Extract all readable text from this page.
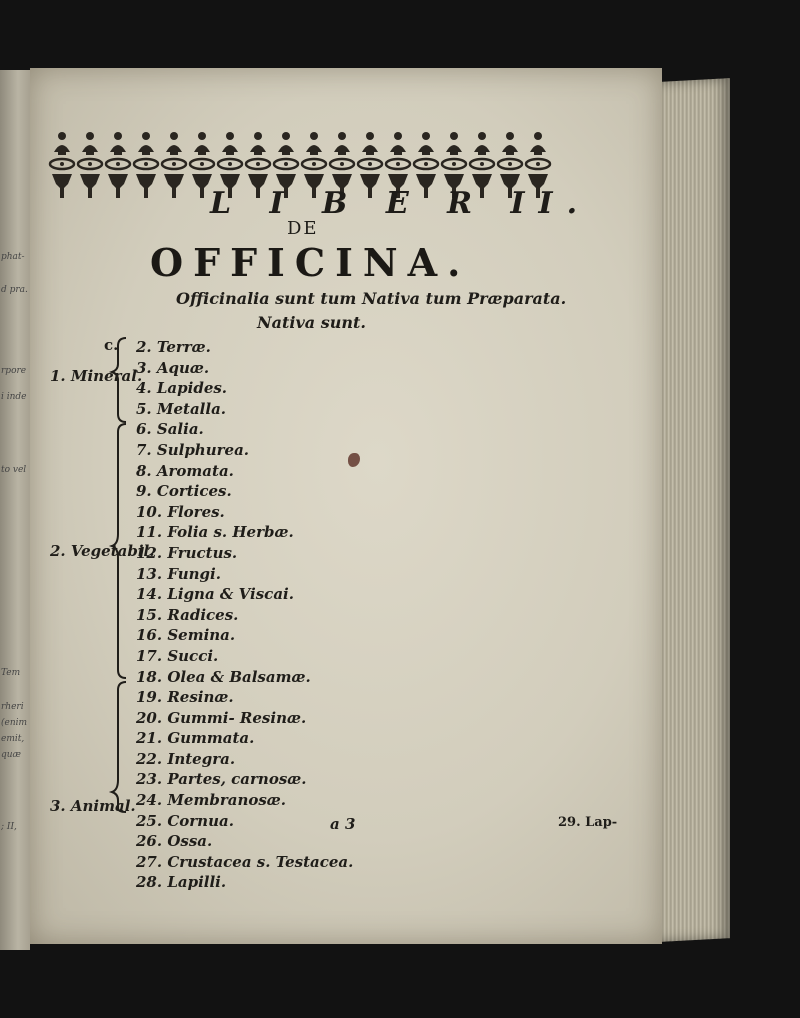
phat-
d pra.
rpore
i inde
to vel
Tem
rheri
(enim
emit,
quæ
; II,
L I B E R II.
DE
OFFICINA.
Officinalia sunt tum Nativa tum Præparata.
Nativa sunt.
c.
1. Mineral.
2. Vegetabil.
3. Animal.
2. Terræ.
3. Aquæ.
4. Lapides.
5. Metalla.
6. Salia.
7. Sulphurea.
8. Aromata.
9. Cortices.
10. Flores.
11. Folia s. Herbæ.
12. Fructus.
13. Fungi.
14. Ligna & Viscai.
15. Radices.
16. Semina.
17. Succi.
18. Olea & Balsamæ.
19. Resinæ.
20. Gummi- Resinæ.
21. Gummata.
22. Integra.
23. Partes, carnosæ.
24. Membranosæ.
25. Cornua.
26. Ossa.
27. Crustacea s. Testacea.
28. Lapilli.
a 3	29. Lap-
